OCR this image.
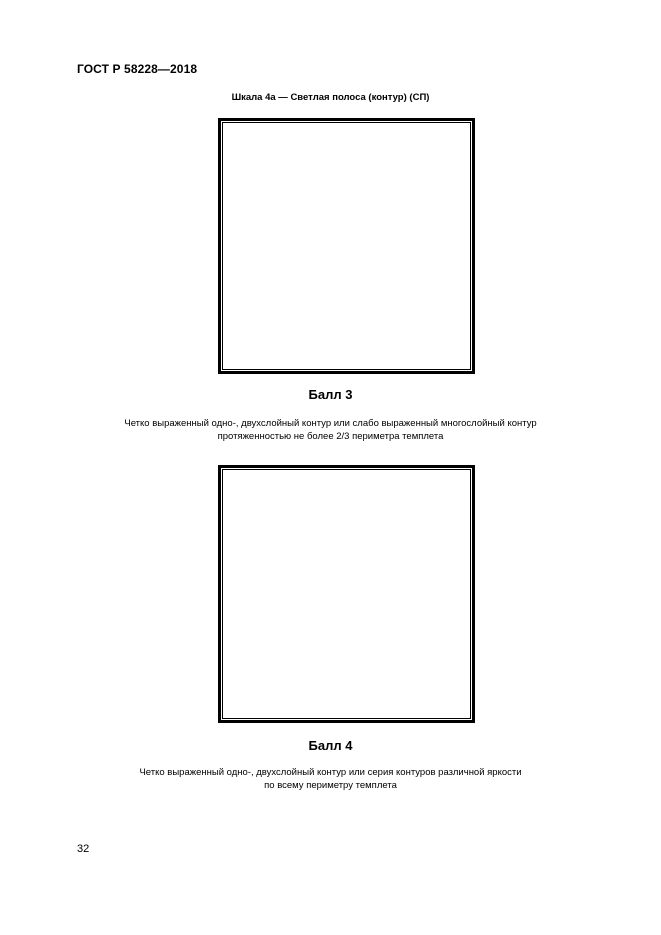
ГОСТ Р 58228—2018
Шкала 4а — Светлая полоса (контур) (СП)
Балл 3
Четко выраженный одно-, двухслойный контур или слабо выраженный многослойный контур
протяженностью не более 2/3 периметра темплета
Балл 4
Четко выраженный одно-, двухслойный контур или серия контуров различной яркости
по всему периметру темплета
32
